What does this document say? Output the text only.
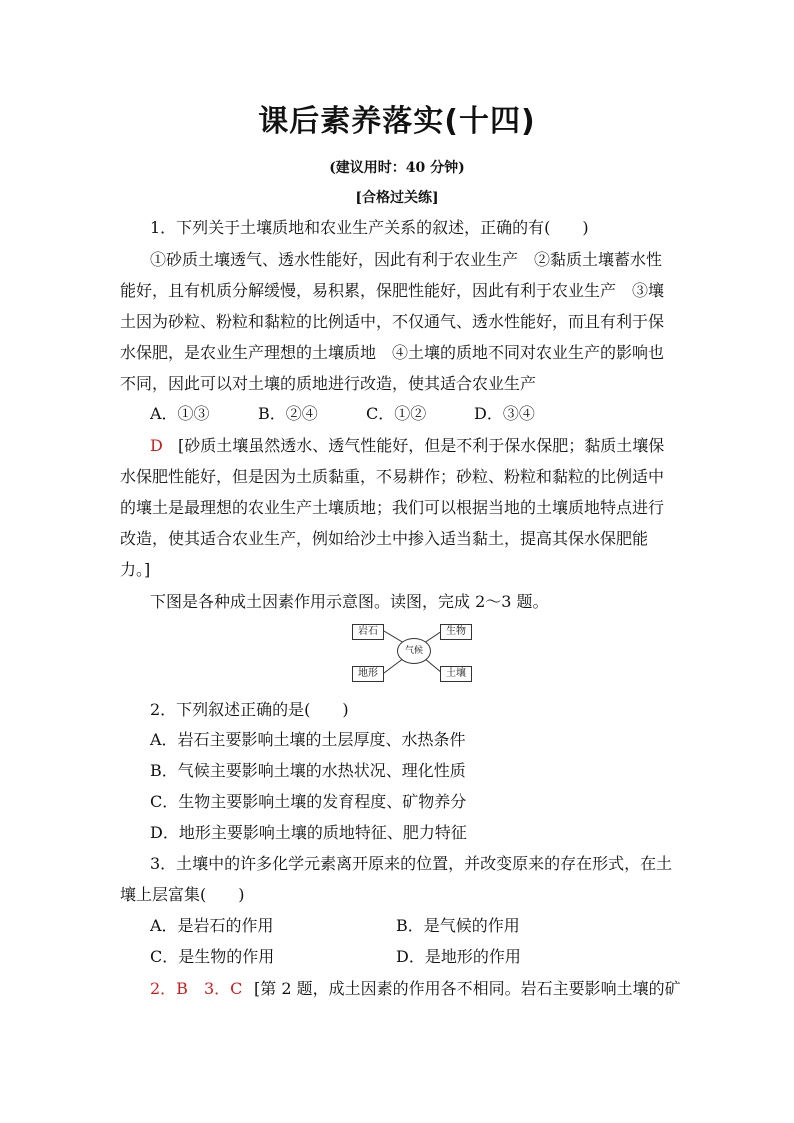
课后素养落实(十四)
(建议用时：40 分钟)
[合格过关练]
1．下列关于土壤质地和农业生产关系的叙述，正确的有(　　)
①砂质土壤透气、透水性能好，因此有利于农业生产　②黏质土壤蓄水性
能好，且有机质分解缓慢，易积累，保肥性能好，因此有利于农业生产　③壤
土因为砂粒、粉粒和黏粒的比例适中，不仅通气、透水性能好，而且有利于保
水保肥，是农业生产理想的土壤质地　④土壤的质地不同对农业生产的影响也
不同，因此可以对土壤的质地进行改造，使其适合农业生产
A．①③	B．②④	C．①②	D．③④
D [砂质土壤虽然透水、透气性能好，但是不利于保水保肥；黏质土壤保
水保肥性能好，但是因为土质黏重，不易耕作；砂粒、粉粒和黏粒的比例适中
的壤土是最理想的农业生产土壤质地；我们可以根据当地的土壤质地特点进行
改造，使其适合农业生产，例如给沙土中掺入适当黏土，提高其保水保肥能
力。]
下图是各种成土因素作用示意图。读图，完成 2～3 题。
岩石	生物
地形	土壤
气候
2．下列叙述正确的是(　　)
A．岩石主要影响土壤的土层厚度、水热条件
B．气候主要影响土壤的水热状况、理化性质
C．生物主要影响土壤的发育程度、矿物养分
D．地形主要影响土壤的质地特征、肥力特征
3．土壤中的许多化学元素离开原来的位置，并改变原来的存在形式，在土
壤上层富集(　　)
A．是岩石的作用	B．是气候的作用
C．是生物的作用	D．是地形的作用
2．B　3．C [第 2 题，成土因素的作用各不相同。岩石主要影响土壤的矿
